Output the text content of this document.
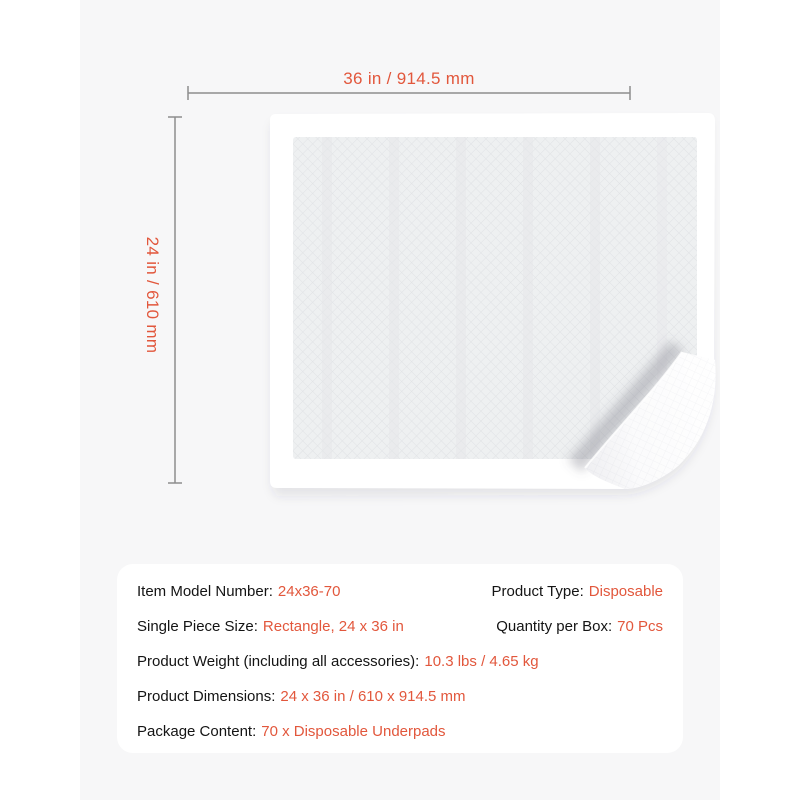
36 in / 914.5 mm
24 in / 610 mm
Item Model Number: 24x36-70	Product Type: Disposable
Single Piece Size: Rectangle, 24 x 36 in	Quantity per Box: 70 Pcs
Product Weight (including all accessories): 10.3 lbs / 4.65 kg
Product Dimensions: 24 x 36 in / 610 x 914.5 mm
Package Content: 70 x Disposable Underpads
